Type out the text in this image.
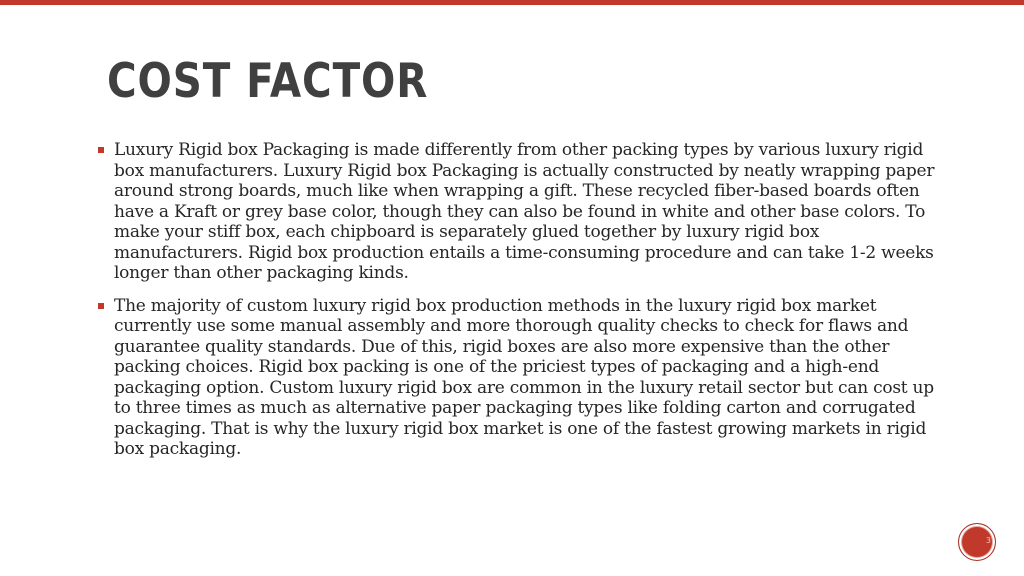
COST FACTOR
Luxury Rigid box Packaging is made differently from other packing types by various luxury rigid box manufacturers. Luxury Rigid box Packaging is actually constructed by neatly wrapping paper around strong boards, much like when wrapping a gift. These recycled fiber-based boards often have a Kraft or grey base color, though they can also be found in white and other base colors. To make your stiff box, each chipboard is separately glued together by luxury rigid box manufacturers. Rigid box production entails a time-consuming procedure and can take 1-2 weeks longer than other packaging kinds.
The majority of custom luxury rigid box production methods in the luxury rigid box market currently use some manual assembly and more thorough quality checks to check for flaws and guarantee quality standards. Due of this, rigid boxes are also more expensive than the other packing choices. Rigid box packing is one of the priciest types of packaging and a high-end packaging option. Custom luxury rigid box are common in the luxury retail sector but can cost up to three times as much as alternative paper packaging types like folding carton and corrugated packaging. That is why the luxury rigid box market is one of the fastest growing markets in rigid box packaging.
3
